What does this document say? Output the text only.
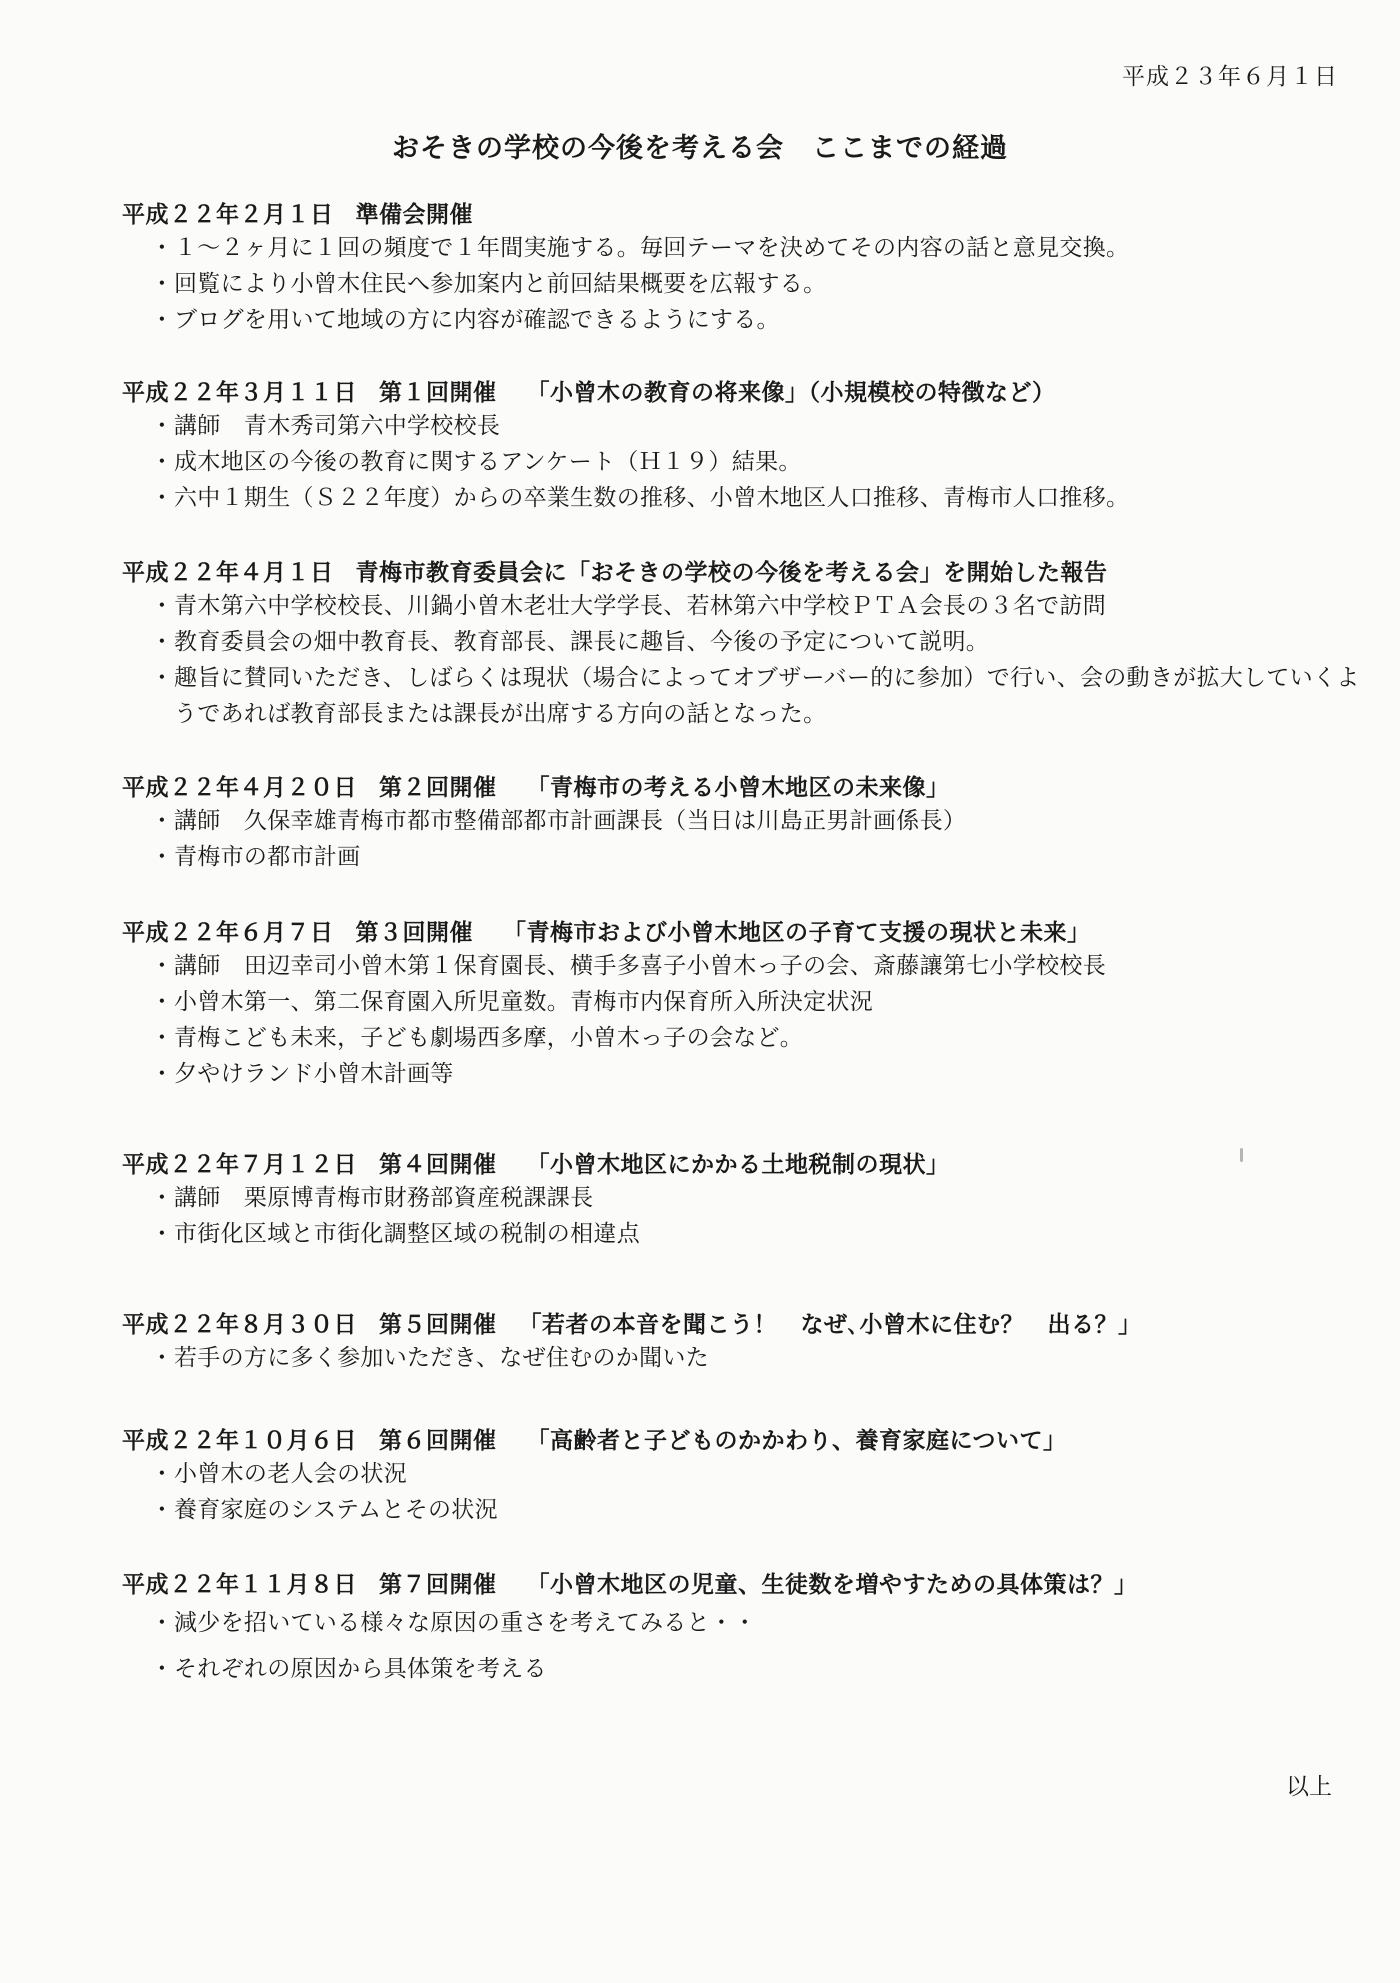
平成２３年６月１日
おそきの学校の今後を考える会　ここまでの経過
平成２２年２月１日 準備会開催
・１～２ヶ月に１回の頻度で１年間実施する。毎回テーマを決めてその内容の話と意見交換。
・回覧により小曾木住民へ参加案内と前回結果概要を広報する。
・ブログを用いて地域の方に内容が確認できるようにする。
平成２２年３月１１日 第１回開催 「小曾木の教育の将来像」（小規模校の特徴など）
・講師　青木秀司第六中学校校長
・成木地区の今後の教育に関するアンケート（Ｈ１９）結果。
・六中１期生（Ｓ２２年度）からの卒業生数の推移、小曾木地区人口推移、青梅市人口推移。
平成２２年４月１日 青梅市教育委員会に「おそきの学校の今後を考える会」を開始した報告
・青木第六中学校校長、川鍋小曽木老壮大学学長、若林第六中学校ＰＴＡ会長の３名で訪問
・教育委員会の畑中教育長、教育部長、課長に趣旨、今後の予定について説明。
・趣旨に賛同いただき、しばらくは現状（場合によってオブザーバー的に参加）で行い、会の動きが拡大していくようであれば教育部長または課長が出席する方向の話となった。
平成２２年４月２０日 第２回開催 「青梅市の考える小曾木地区の未来像」
・講師　久保幸雄青梅市都市整備部都市計画課長（当日は川島正男計画係長）
・青梅市の都市計画
平成２２年６月７日 第３回開催 「青梅市および小曾木地区の子育て支援の現状と未来」
・講師　田辺幸司小曾木第１保育園長、横手多喜子小曽木っ子の会、斎藤讓第七小学校校長
・小曾木第一、第二保育園入所児童数。青梅市内保育所入所決定状況
・青梅こども未来，子ども劇場西多摩，小曽木っ子の会など。
・夕やけランド小曾木計画等
平成２２年７月１２日 第４回開催 「小曾木地区にかかる土地税制の現状」
・講師　栗原博青梅市財務部資産税課課長
・市街化区域と市街化調整区域の税制の相違点
平成２２年８月３０日 第５回開催 「若者の本音を聞こう！　なぜ､小曾木に住む？　出る？」
・若手の方に多く参加いただき、なぜ住むのか聞いた
平成２２年１０月６日 第６回開催 「高齢者と子どものかかわり、養育家庭について」
・小曾木の老人会の状況
・養育家庭のシステムとその状況
平成２２年１１月８日 第７回開催 「小曾木地区の児童、生徒数を増やすための具体策は？」
・減少を招いている様々な原因の重さを考えてみると・・
・それぞれの原因から具体策を考える
以上
